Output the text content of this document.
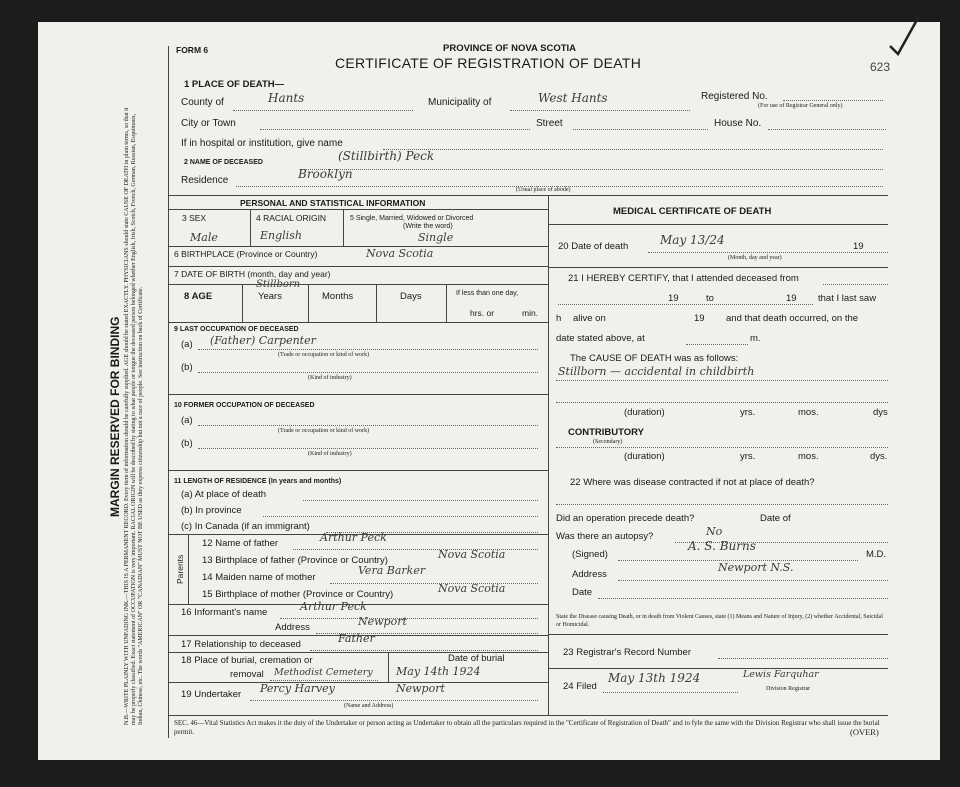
MARGIN RESERVED FOR BINDING N.B.—WRITE PLAINLY WITH UNFADING INK.—THIS IS A PERMANENT RECORD. Every item of information should be carefully supplied. AGE should be stated EXACTLY. PHYSICIANS should state CAUSE OF DEATH in plain terms, so that it may be properly classified. Exact statement of OCCUPATION is very important. RACIAL ORIGIN will be described by stating to what people or tongue the deceased person belonged whether English, Irish, Scotch, French, German, Russian, Esquimaux, Indian, Chinese, etc. The words "AMERICAN" OR "CANADIAN" MUST NOT BE USED as they express citizenship but not a race of people. See instruction on back of Certificate.
FORM 6	PROVINCE OF NOVA SCOTIA
CERTIFICATE OF REGISTRATION OF DEATH	623
1 PLACE OF DEATH—
County of	Hants	Municipality of	West Hants	Registered No.
(For use of Registrar General only)
City or Town	Street	House No.
If in hospital or institution, give name
2 NAME OF DECEASED	(Stillbirth) Peck
Residence	Brooklyn
(Usual place of abode)
PERSONAL AND STATISTICAL INFORMATION
3 SEX	4 RACIAL ORIGIN	5 Single, Married, Widowed or Divorced
(Write the word)
Male	English	Single
6 BIRTHPLACE (Province or Country)	Nova Scotia
7 DATE OF BIRTH (month, day and year)
8 AGE	Years	Months	Days	If less than one day,
hrs. or	min.
9 LAST OCCUPATION OF DECEASED
(a) (Father) Carpenter
(Trade or occupation or kind of work)
(b)
(Kind of industry)
10 FORMER OCCUPATION OF DECEASED
(a)
(Trade or occupation or kind of work)
(b)
(Kind of industry)
11 LENGTH OF RESIDENCE (In years and months)
(a) At place of death
(b) In province
(c) In Canada (if an immigrant)
Parents
12 Name of father	Arthur Peck
13 Birthplace of father (Province or Country)	Nova Scotia
14 Maiden name of mother
Vera Barker
15 Birthplace of mother (Province or Country)	Nova Scotia
16 Informant's name	Arthur Peck
Address	Newport
17 Relationship to deceased	Father
18 Place of burial, cremation or
removal Methodist Cemetery
Date of burial
May 14th 1924
19 Undertaker Percy Harvey	Newport
(Name and Address)
MEDICAL CERTIFICATE OF DEATH
20 Date of death	May 13/24	19
(Month, day and year)
21 I HEREBY CERTIFY, that I attended deceased from
19	to	19 that I last saw
h alive on	19 and that death occurred, on the
date stated above, at	m.
The CAUSE OF DEATH was as follows:
Stillborn — accidental in childbirth
(duration)	yrs.	mos.	dys
CONTRIBUTORY
(Secondary)
(duration)	yrs.	mos.	dys.
22 Where was disease contracted if not at place of death?
Did an operation precede death?	Date of
Was there an autopsy?	No
(Signed)
A. S. Burns
M.D.
Address
Newport N.S.
Date
State the Disease causing Death, or in death from Violent Causes, state (1) Means and Nature of Injury, (2) whether Accidental, Suicidal or Homicidal.
23 Registrar's Record Number
24 Filed
May 13th 1924	Lewis Farquhar
Division Registrar
SEC. 46—Vital Statistics Act makes it the duty of the Undertaker or person acting as Undertaker to obtain all the particulars required in the "Certificate of Registration of Death" and to fyle the same with the Division Registrar who shall issue the burial permit.	(OVER)
